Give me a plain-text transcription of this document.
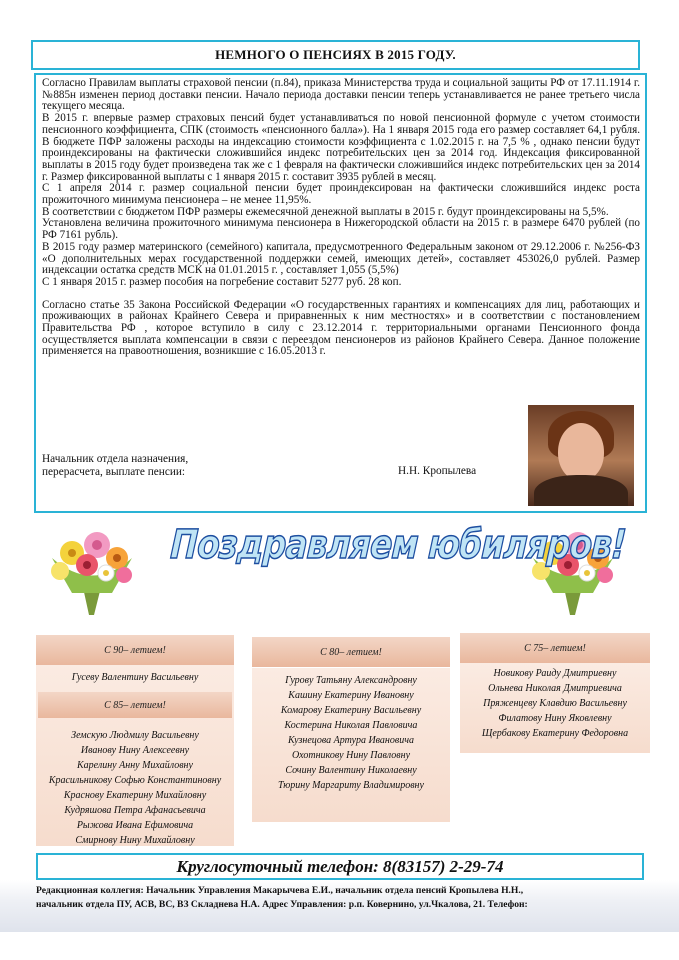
НЕМНОГО О ПЕНСИЯХ В 2015 ГОДУ.

Согласно Правилам выплаты страховой пенсии (п.84), приказа Министерства труда и социальной защиты РФ от 17.11.1914 г. №885н изменен период доставки пенсии. Начало периода доставки пенсии теперь устанавливается не ранее третьего числа текущего месяца.

В 2015 г. впервые размер страховых пенсий будет устанавливаться по новой пенсионной формуле с учетом стоимости пенсионного коэффициента, СПК (стоимость «пенсионного балла»). На 1 января 2015 года его размер составляет 64,1 рубля. В бюджете ПФР заложены расходы на индексацию стоимости коэффициента с 1.02.2015 г. на 7,5 % , однако пенсии будут проиндексированы на фактически сложившийся индекс потребительских цен за 2014 год. Индексация фиксированной выплаты в 2015 году будет произведена так же с 1 февраля на фактически сложившийся индекс потребительских цен за 2014 г. Размер фиксированной выплаты с 1 января 2015 г. составит 3935 рублей в месяц.

С 1 апреля 2014 г. размер социальной пенсии будет проиндексирован на фактически сложившийся индекс роста прожиточного минимума пенсионера – не менее 11,95%.

В соответствии с бюджетом ПФР размеры ежемесячной денежной выплаты в 2015 г. будут проиндексированы на 5,5%.

Установлена величина прожиточного минимума пенсионера в Нижегородской области на 2015 г. в размере 6470 рублей (по РФ 7161 рубль).

В 2015 году размер материнского (семейного) капитала, предусмотренного Федеральным законом от 29.12.2006 г. №256-ФЗ «О дополнительных мерах государственной поддержки семей, имеющих детей», составляет 453026,0 рублей. Размер индексации остатка средств МСК на 01.01.2015 г. , составляет 1,055 (5,5%)

С 1 января 2015 г. размер пособия на погребение составит 5277 руб. 28 коп.

Согласно статье 35 Закона Российской Федерации «О государственных гарантиях и компенсациях для лиц, работающих и проживающих в районах Крайнего Севера и приравненных к ним местностях» и в соответствии с постановлением Правительства РФ , которое вступило в силу с 23.12.2014 г. территориальными органами Пенсионного фонда осуществляется выплата компенсации в связи с переездом пенсионеров из районов Крайнего Севера. Данное положение применяется на правоотношения, возникшие с 16.05.2013 г.

Начальник отдела назначения,
перерасчета, выплате пенсии:	Н.Н. Кропылева
Поздравляем юбиляров!
С 90– летием!
Гусеву Валентину Васильевну
С 85– летием!
Земскую Людмилу Васильевну
Иванову Нину Алексеевну
Карелину Анну Михайловну
Красильникову Софью Константиновну
Краснову Екатерину Михайловну
Кудряшова Петра Афанасьевича
Рыжова Ивана Ефимовича
Смирнову Нину Михайловну
С 80– летием!
Гурову Татьяну Александровну
Кашину Екатерину Ивановну
Комарову Екатерину Васильевну
Костерина Николая Павловича
Кузнецова Артура Ивановича
Охотникову Нину Павловну
Сочину Валентину Николаевну
Тюрину Маргариту Владимировну
С 75– летием!
Новикову Раиду Дмитриевну
Ольнева Николая Дмитриевича
Пряженцеву Клавдию Васильевну
Филатову Нину Яковлевну
Щербакову Екатерину Федоровна
Круглосуточный телефон: 8(83157) 2-29-74
Редакционная коллегия: Начальник Управления Макарычева Е.И., начальник отдела пенсий Кропылева Н.Н.,
начальник отдела ПУ, АСВ, ВС, ВЗ Складнева Н.А. Адрес Управления: р.п. Ковернино, ул.Чкалова, 21. Телефон:
